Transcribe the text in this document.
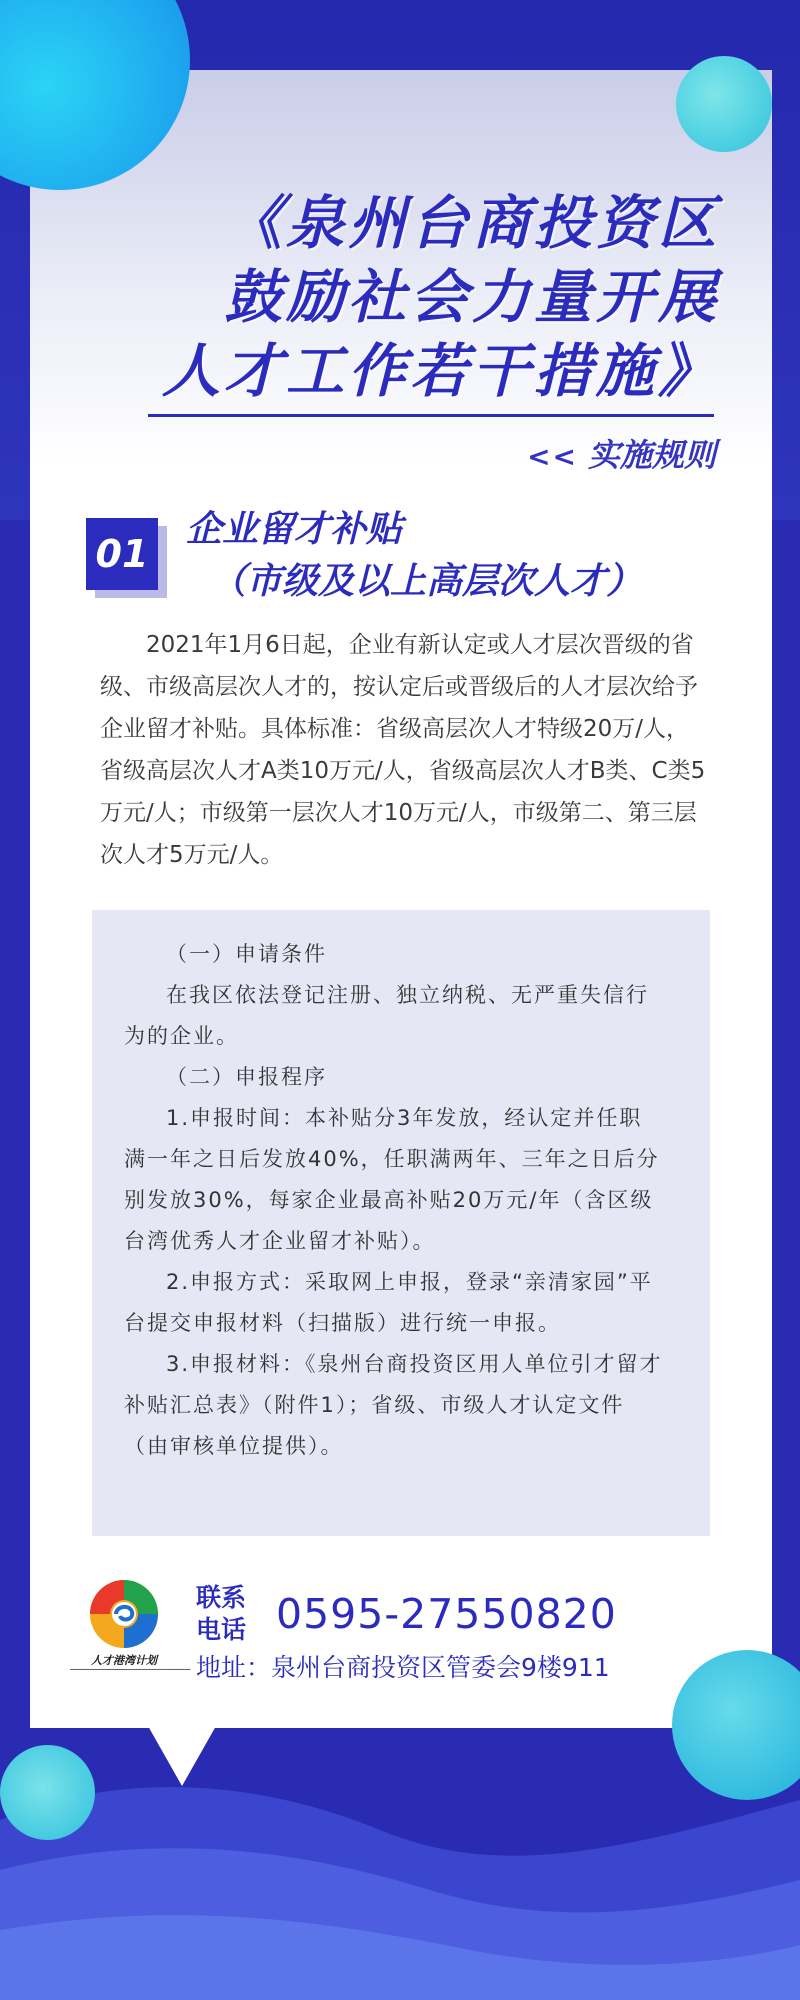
《泉州台商投资区
鼓励社会力量开展
人才工作若干措施》
<< 实施规则
01
企业留才补贴
（市级及以上高层次人才）
2021年1月6日起，企业有新认定或人才层次晋级的省级、市级高层次人才的，按认定后或晋级后的人才层次给予企业留才补贴。具体标准：省级高层次人才特级20万/人，省级高层次人才A类10万元/人，省级高层次人才B类、C类5万元/人；市级第一层次人才10万元/人，市级第二、第三层次人才5万元/人。

（一）申请条件

在我区依法登记注册、独立纳税、无严重失信行为的企业。

（二）申报程序

1.申报时间：本补贴分3年发放，经认定并任职满一年之日后发放40%，任职满两年、三年之日后分别发放30%，每家企业最高补贴20万元/年（含区级台湾优秀人才企业留才补贴）。

2.申报方式：采取网上申报，登录“亲清家园”平台提交申报材料（扫描版）进行统一申报。

3.申报材料：《泉州台商投资区用人单位引才留才补贴汇总表》（附件1）；省级、市级人才认定文件（由审核单位提供）。

人才港湾计划
━━━━━━━━━━━━━━━━━━━━━━━━━━━━━━━━━━━━━━━━
联系
电话 0595-27550820
地址：泉州台商投资区管委会9楼911
